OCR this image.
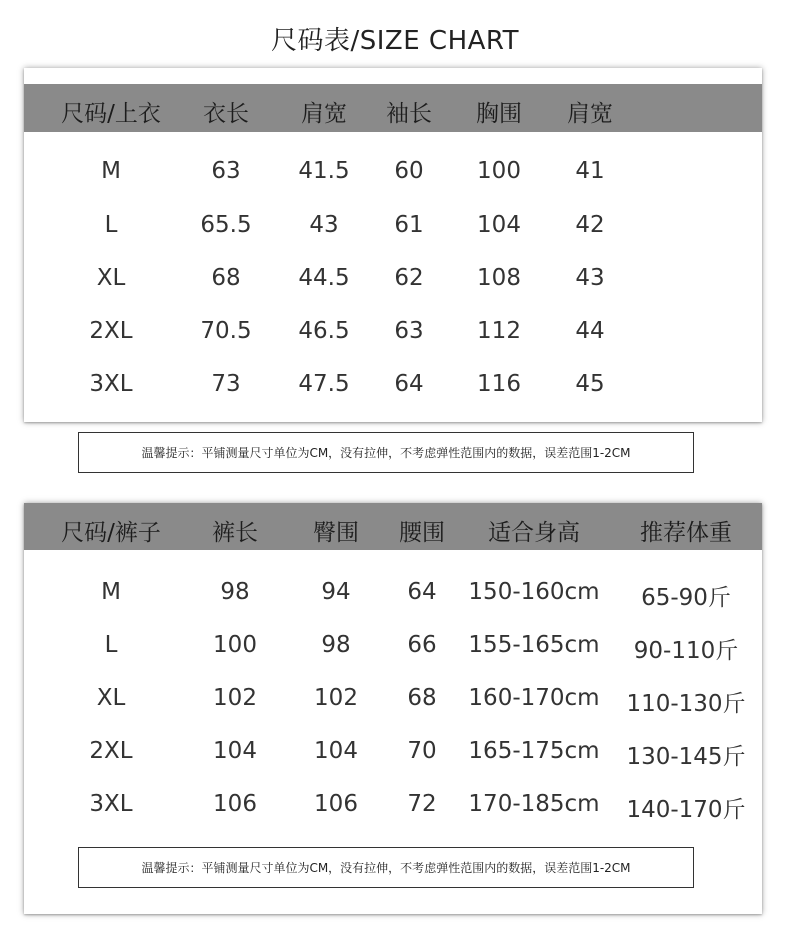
尺码表/SIZE CHART
尺码/上衣 衣长 肩宽 袖长 胸围 肩宽
M	63	41.5 60 100 41
L	65.5	43 61 104 42
XL	68	44.5 62 108 43
2XL	70.5 46.5 63 112 44
3XL	73	47.5 64 116 45
温馨提示：平铺测量尺寸单位为CM，没有拉伸，不考虑弹性范围内的数据，误差范围1-2CM
尺码/裤子 裤长 臀围 腰围 适合身高	推荐体重
M	98	94 64 150-160cm 65-90斤
L	100	98 66 155-165cm 90-110斤
XL	102 102 68 160-170cm 110-130斤
2XL	104 104 70 165-175cm 130-145斤
3XL	106 106 72 170-185cm 140-170斤
温馨提示：平铺测量尺寸单位为CM，没有拉伸，不考虑弹性范围内的数据，误差范围1-2CM
